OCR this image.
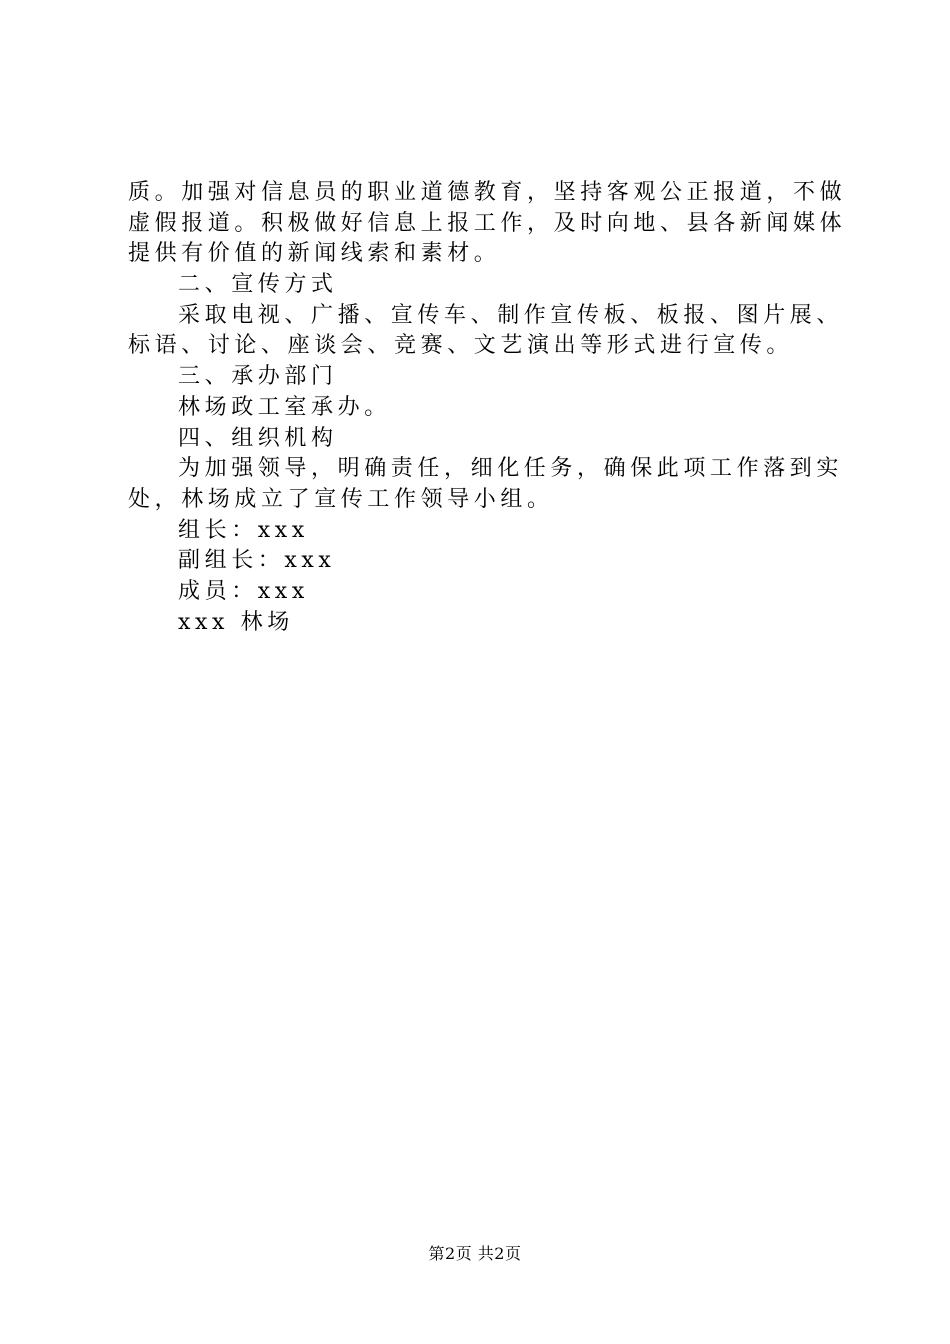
质。加强对信息员的职业道德教育，坚持客观公正报道，不做
虚假报道。积极做好信息上报工作，及时向地、县各新闻媒体
提供有价值的新闻线索和素材。
二、宣传方式
采取电视、广播、宣传车、制作宣传板、板报、图片展、
标语、讨论、座谈会、竞赛、文艺演出等形式进行宣传。
三、承办部门
林场政工室承办。
四、组织机构
为加强领导，明确责任，细化任务，确保此项工作落到实
处，林场成立了宣传工作领导小组。
组长：xxx
副组长：xxx
成员：xxx
xxx 林场
第2页 共2页
